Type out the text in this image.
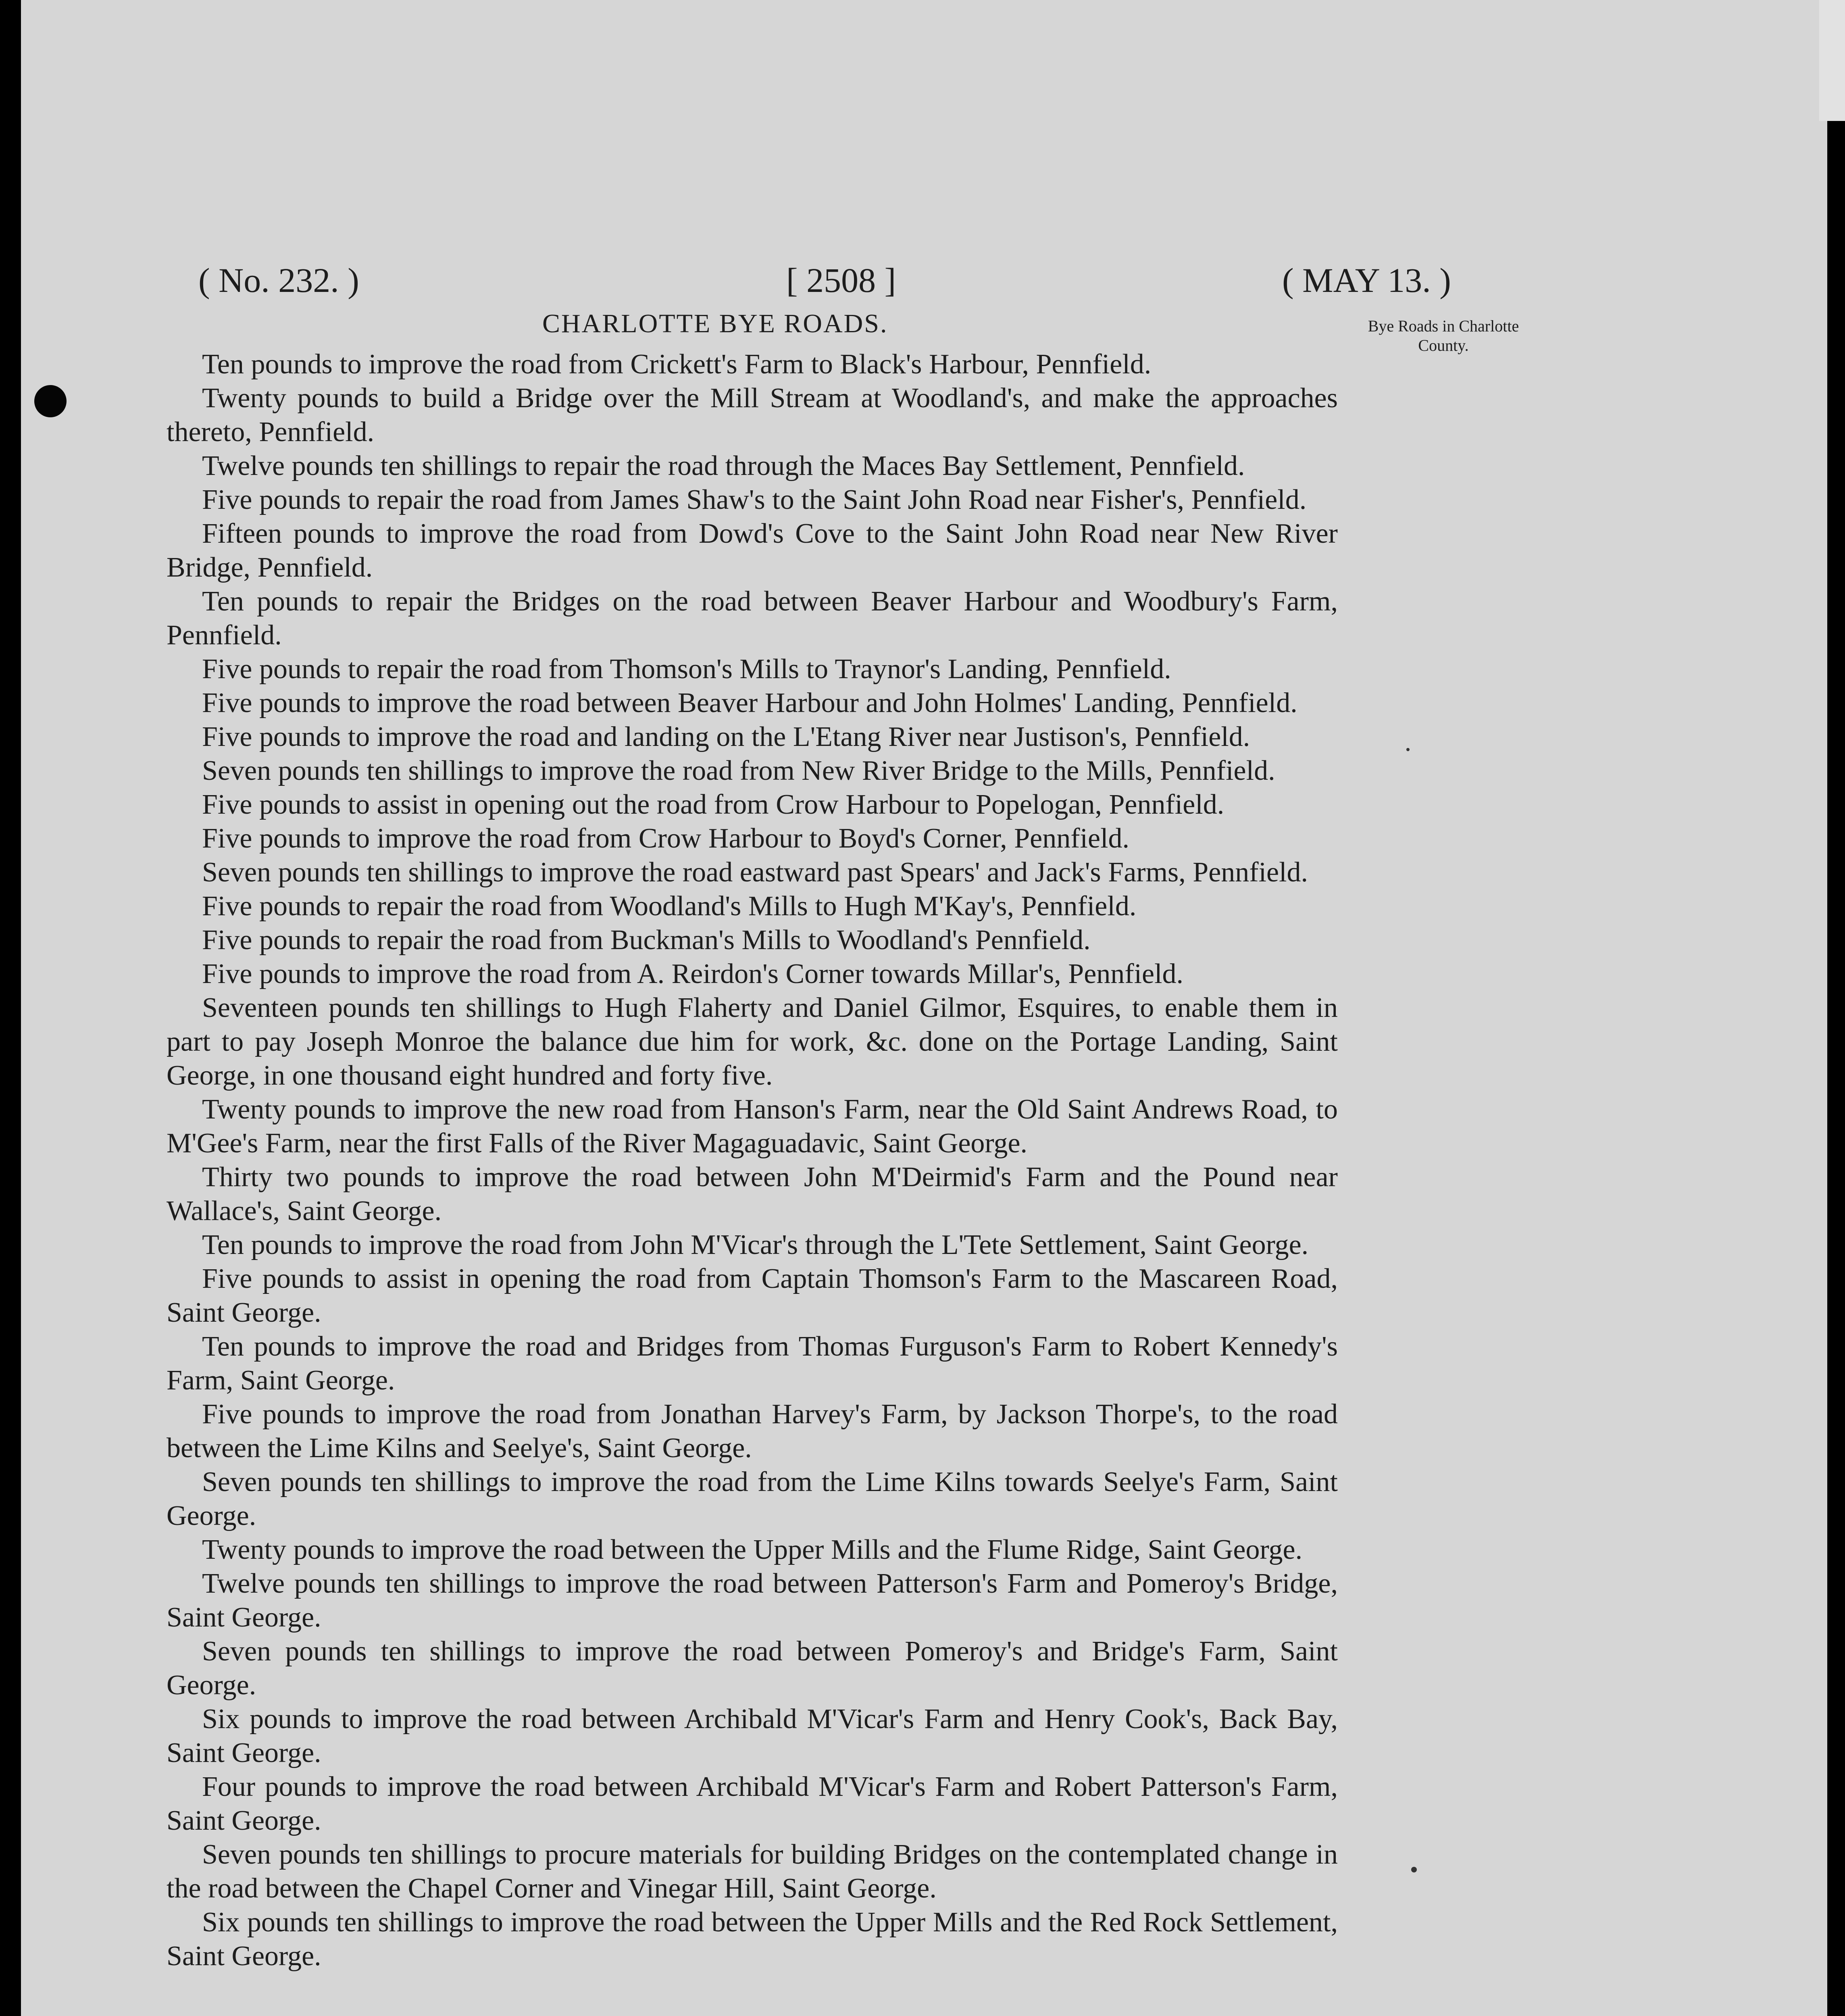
( No. 232. )	[ 2508 ]	( MAY 13. )
CHARLOTTE BYE ROADS.	Bye Roads in Charlotte County.

Ten pounds to improve the road from Crickett's Farm to Black's Harbour, Pennfield.

Twenty pounds to build a Bridge over the Mill Stream at Woodland's, and make the approaches thereto, Pennfield.

Twelve pounds ten shillings to repair the road through the Maces Bay Settlement, Pennfield.

Five pounds to repair the road from James Shaw's to the Saint John Road near Fisher's, Pennfield.

Fifteen pounds to improve the road from Dowd's Cove to the Saint John Road near New River Bridge, Pennfield.

Ten pounds to repair the Bridges on the road between Beaver Harbour and Woodbury's Farm, Pennfield.

Five pounds to repair the road from Thomson's Mills to Traynor's Landing, Pennfield.

Five pounds to improve the road between Beaver Harbour and John Holmes' Landing, Pennfield.

Five pounds to improve the road and landing on the L'Etang River near Justison's, Pennfield.

Seven pounds ten shillings to improve the road from New River Bridge to the Mills, Pennfield.

Five pounds to assist in opening out the road from Crow Harbour to Popelogan, Pennfield.

Five pounds to improve the road from Crow Harbour to Boyd's Corner, Pennfield.

Seven pounds ten shillings to improve the road eastward past Spears' and Jack's Farms, Pennfield.

Five pounds to repair the road from Woodland's Mills to Hugh M'Kay's, Pennfield.

Five pounds to repair the road from Buckman's Mills to Woodland's Pennfield.

Five pounds to improve the road from A. Reirdon's Corner towards Millar's, Pennfield.

Seventeen pounds ten shillings to Hugh Flaherty and Daniel Gilmor, Esquires, to enable them in part to pay Joseph Monroe the balance due him for work, &c. done on the Portage Landing, Saint George, in one thousand eight hundred and forty five.

Twenty pounds to improve the new road from Hanson's Farm, near the Old Saint Andrews Road, to M'Gee's Farm, near the first Falls of the River Magaguadavic, Saint George.

Thirty two pounds to improve the road between John M'Deirmid's Farm and the Pound near Wallace's, Saint George.

Ten pounds to improve the road from John M'Vicar's through the L'Tete Settlement, Saint George.

Five pounds to assist in opening the road from Captain Thomson's Farm to the Mascareen Road, Saint George.

Ten pounds to improve the road and Bridges from Thomas Furguson's Farm to Robert Kennedy's Farm, Saint George.

Five pounds to improve the road from Jonathan Harvey's Farm, by Jackson Thorpe's, to the road between the Lime Kilns and Seelye's, Saint George.

Seven pounds ten shillings to improve the road from the Lime Kilns towards Seelye's Farm, Saint George.

Twenty pounds to improve the road between the Upper Mills and the Flume Ridge, Saint George.

Twelve pounds ten shillings to improve the road between Patterson's Farm and Pomeroy's Bridge, Saint George.

Seven pounds ten shillings to improve the road between Pomeroy's and Bridge's Farm, Saint George.

Six pounds to improve the road between Archibald M'Vicar's Farm and Henry Cook's, Back Bay, Saint George.

Four pounds to improve the road between Archibald M'Vicar's Farm and Robert Patterson's Farm, Saint George.

Seven pounds ten shillings to procure materials for building Bridges on the contemplated change in the road between the Chapel Corner and Vinegar Hill, Saint George.

Six pounds ten shillings to improve the road between the Upper Mills and the Red Rock Settlement, Saint George.
